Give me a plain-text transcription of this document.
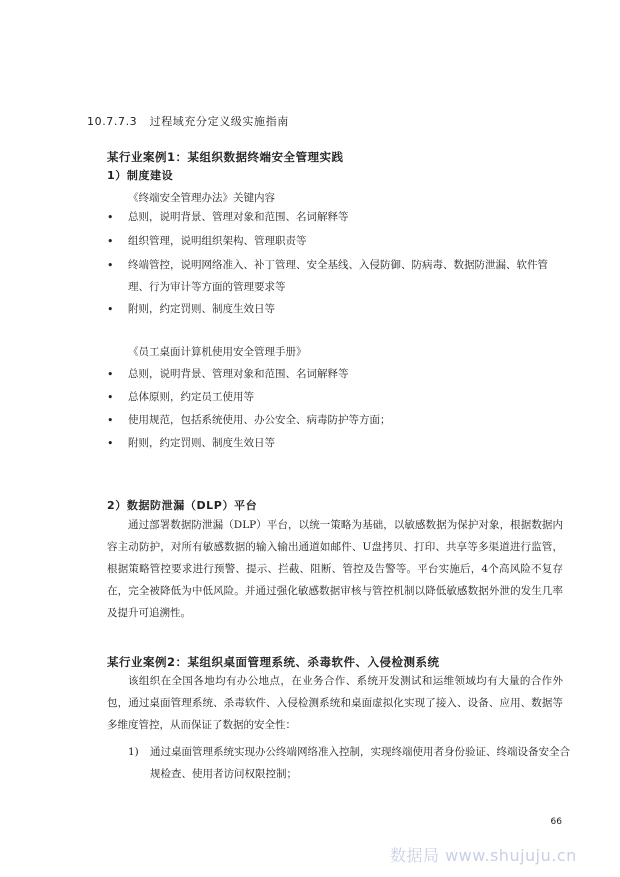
10.7.7.3 过程域充分定义级实施指南
某行业案例1：某组织数据终端安全管理实践
1）制度建设
《终端安全管理办法》关键内容
• 总则，说明背景、管理对象和范围、名词解释等
• 组织管理，说明组织架构、管理职责等
• 终端管控，说明网络准入、补丁管理、安全基线、入侵防御、防病毒、数据防泄漏、软件管理、行为审计等方面的管理要求等
• 附则，约定罚则、制度生效日等
《员工桌面计算机使用安全管理手册》
• 总则，说明背景、管理对象和范围、名词解释等
• 总体原则，约定员工使用等
• 使用规范，包括系统使用、办公安全、病毒防护等方面；
• 附则，约定罚则、制度生效日等
2）数据防泄漏（DLP）平台
通过部署数据防泄漏（DLP）平台，以统一策略为基础，以敏感数据为保护对象，根据数据内容主动防护，对所有敏感数据的输入输出通道如邮件、U盘拷贝、打印、共享等多渠道进行监管，根据策略管控要求进行预警、提示、拦截、阻断、管控及告警等。平台实施后，4个高风险不复存在，完全被降低为中低风险。并通过强化敏感数据审核与管控机制以降低敏感数据外泄的发生几率及提升可追溯性。
某行业案例2：某组织桌面管理系统、杀毒软件、入侵检测系统
该组织在全国各地均有办公地点，在业务合作、系统开发测试和运维领域均有大量的合作外包，通过桌面管理系统、杀毒软件、入侵检测系统和桌面虚拟化实现了接入、设备、应用、数据等多维度管控，从而保证了数据的安全性：
1) 通过桌面管理系统实现办公终端网络准入控制，实现终端使用者身份验证、终端设备安全合规检查、使用者访问权限控制；
66
数据局 www.shujuju.cn
